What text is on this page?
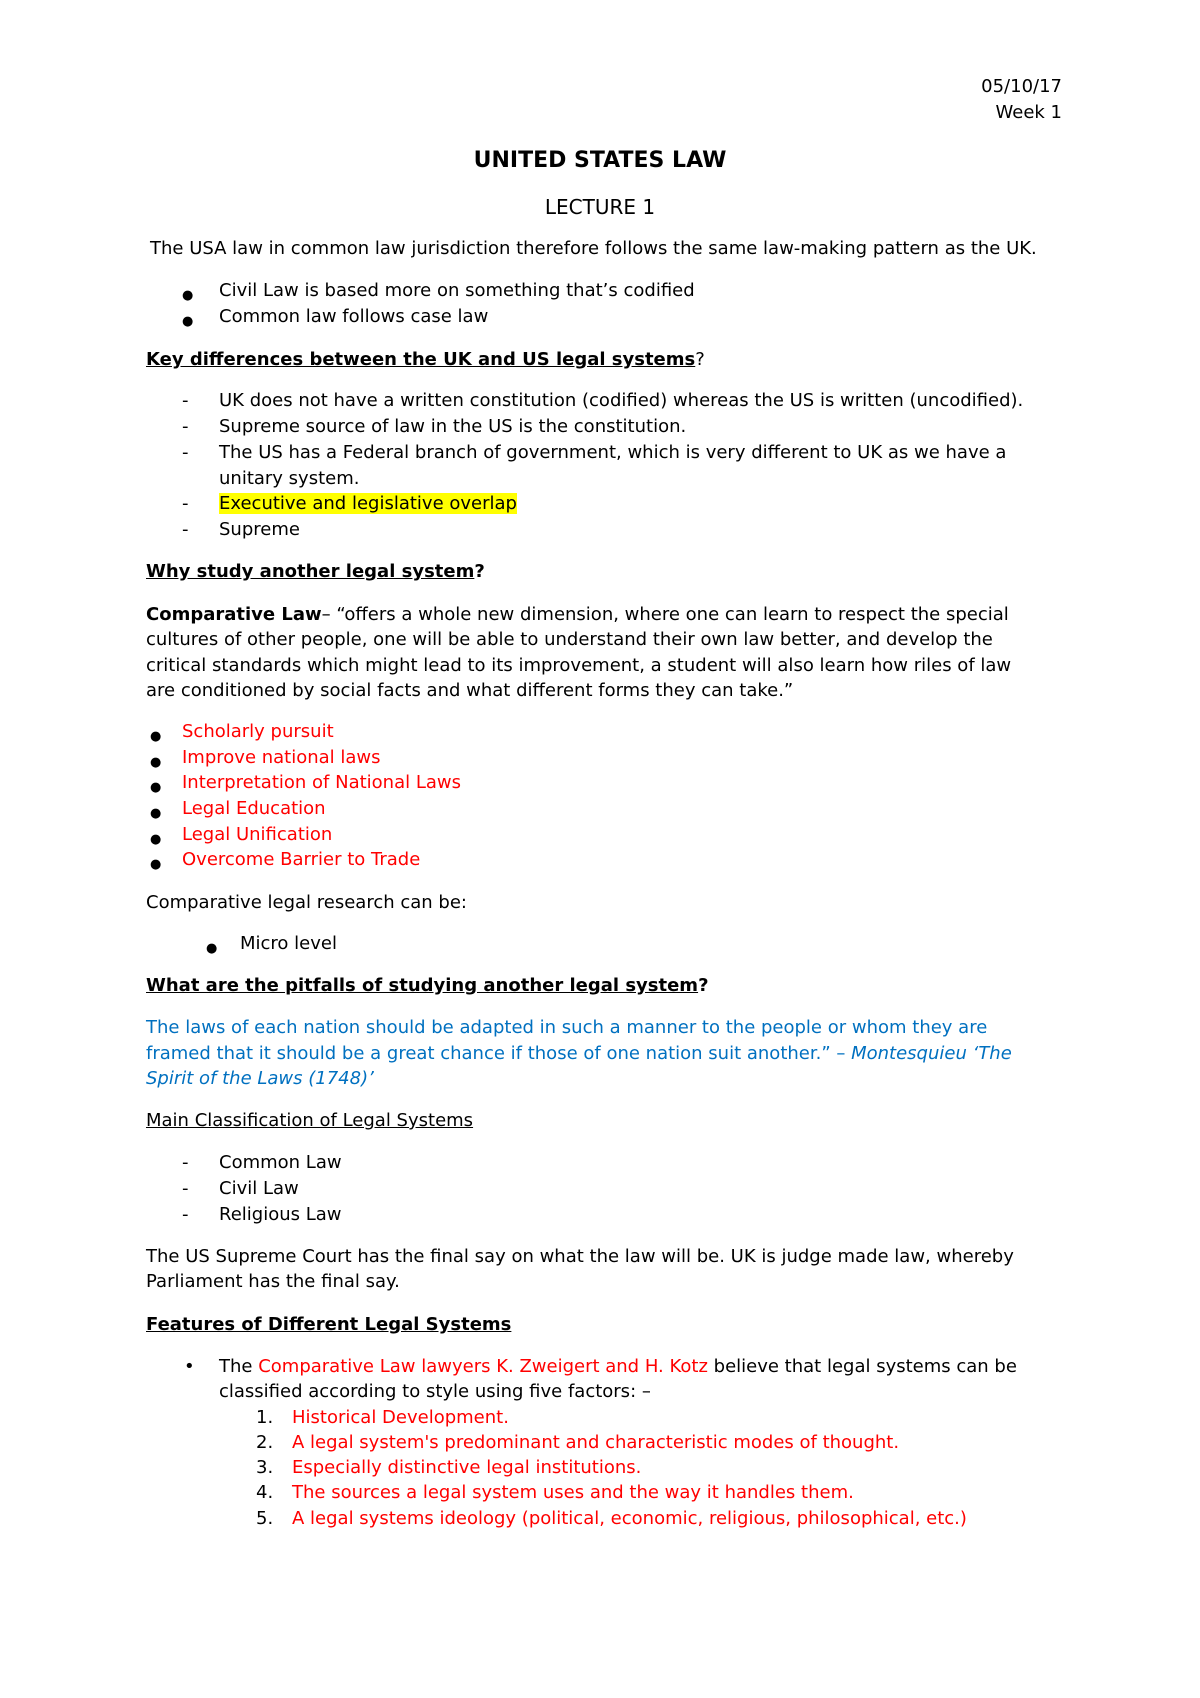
05/10/17
Week 1
UNITED STATES LAW
LECTURE 1
The USA law in common law jurisdiction therefore follows the same law-making pattern as the UK.
● Civil Law is based more on something that’s codified
● Common law follows case law
Key differences between the UK and US legal systems?
- UK does not have a written constitution (codified) whereas the US is written (uncodified).
- Supreme source of law in the US is the constitution.
- The US has a Federal branch of government, which is very different to UK as we have a
unitary system.
- Executive and legislative overlap
- Supreme
Why study another legal system?
Comparative Law– “offers a whole new dimension, where one can learn to respect the special
cultures of other people, one will be able to understand their own law better, and develop the
critical standards which might lead to its improvement, a student will also learn how riles of law
are conditioned by social facts and what different forms they can take.”
● Scholarly pursuit
● Improve national laws
● Interpretation of National Laws
● Legal Education
● Legal Unification
● Overcome Barrier to Trade
Comparative legal research can be:
● Micro level
What are the pitfalls of studying another legal system?
The laws of each nation should be adapted in such a manner to the people or whom they are
framed that it should be a great chance if those of one nation suit another.” – Montesquieu ‘The
Spirit of the Laws (1748)’
Main Classification of Legal Systems
- Common Law
- Civil Law
- Religious Law
The US Supreme Court has the final say on what the law will be. UK is judge made law, whereby
Parliament has the final say.
Features of Different Legal Systems
• The Comparative Law lawyers K. Zweigert and H. Kotz believe that legal systems can be
classified according to style using five factors: –
1. Historical Development.
2. A legal system's predominant and characteristic modes of thought.
3. Especially distinctive legal institutions.
4. The sources a legal system uses and the way it handles them.
5. A legal systems ideology (political, economic, religious, philosophical, etc.)
